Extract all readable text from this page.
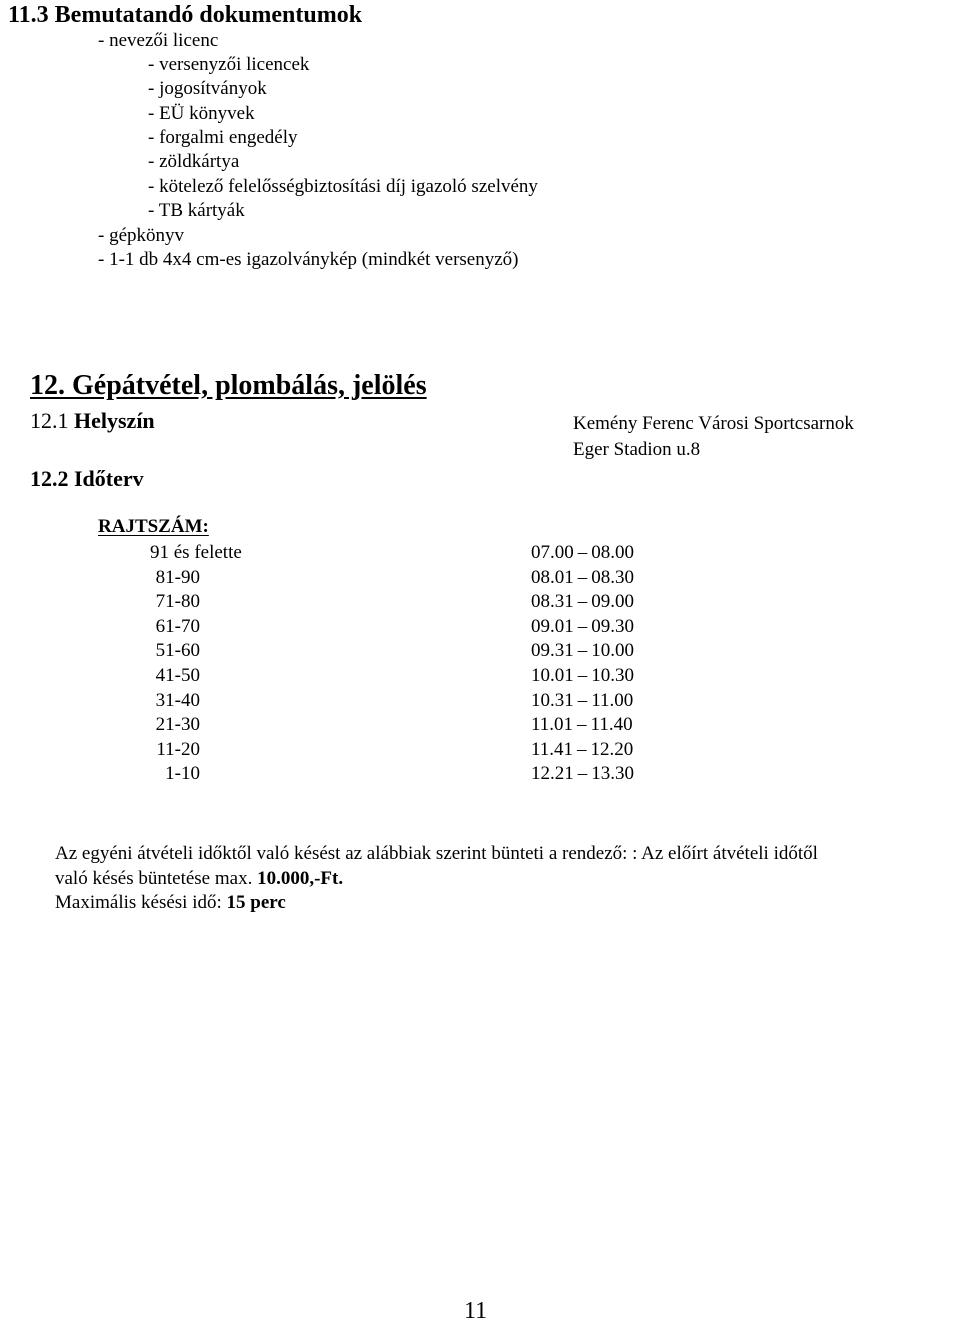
11.3 Bemutatandó dokumentumok
- nevezői licenc
- versenyzői licencek
- jogosítványok
- EÜ könyvek
- forgalmi engedély
- zöldkártya
- kötelező felelősségbiztosítási díj igazoló szelvény
- TB kártyák
- gépkönyv
- 1-1 db 4x4 cm-es igazolványkép (mindkét versenyző)
12. Gépátvétel, plombálás, jelölés
12.1 Helyszín	Kemény Ferenc Városi Sportcsarnok
Eger Stadion u.8
12.2 Időterv
RAJTSZÁM:
91 és felette	07.00 – 08.00
81-90	08.01 – 08.30
71-80	08.31 – 09.00
61-70	09.01 – 09.30
51-60	09.31 – 10.00
41-50	10.01 – 10.30
31-40	10.31 – 11.00
21-30	11.01 – 11.40
11-20	11.41 – 12.20
1-10	12.21 – 13.30
Az egyéni átvételi időktől való késést az alábbiak szerint bünteti a rendező: : Az előírt átvételi időtől
való késés büntetése max. 10.000,-Ft.
Maximális késési idő: 15 perc
11
